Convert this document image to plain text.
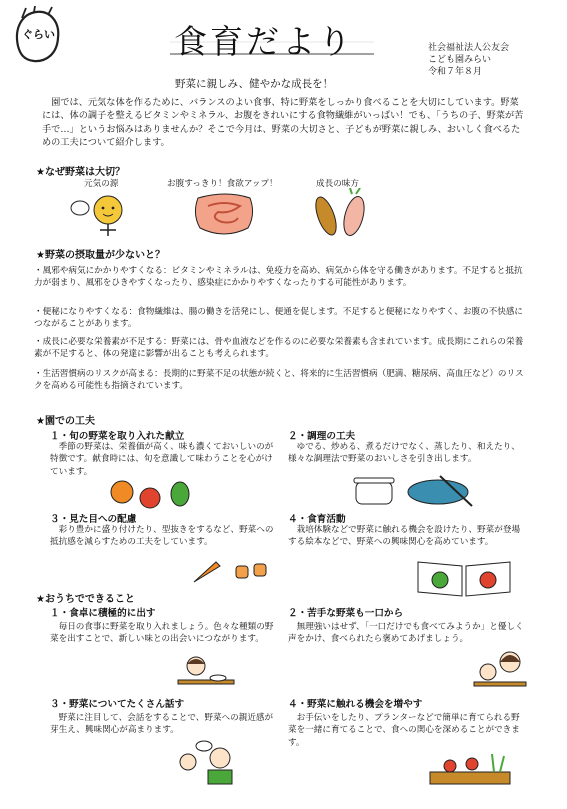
ぐらい	食育だより	社会福祉法人公友会
こども園みらい
令和７年８月
野菜に親しみ、健やかな成長を！
　園では、元気な体を作るために、バランスのよい食事、特に野菜をしっかり食べることを大切にしています。野菜には、体の調子を整えるビタミンやミネラル、お腹をきれいにする食物繊維がいっぱい！でも、「うちの子、野菜が苦手で…」というお悩みはありませんか？そこで今月は、野菜の大切さと、子どもが野菜に親しみ、おいしく食べるための工夫について紹介します。
★なぜ野菜は大切？
元気の源	お腹すっきり！食欲アップ！	成長の味方
★野菜の摂取量が少ないと？
・風邪や病気にかかりやすくなる：ビタミンやミネラルは、免疫力を高め、病気から体を守る働きがあります。不足すると抵抗力が弱まり、風邪をひきやすくなったり、感染症にかかりやすくなったりする可能性があります。
・便秘になりやすくなる：食物繊維は、腸の働きを活発にし、便通を促します。不足すると便秘になりやすく、お腹の不快感につながることがあります。
・成長に必要な栄養素が不足する：野菜には、骨や血液などを作るのに必要な栄養素も含まれています。成長期にこれらの栄養素が不足すると、体の発達に影響が出ることも考えられます。
・生活習慣病のリスクが高まる：長期的に野菜不足の状態が続くと、将来的に生活習慣病（肥満、糖尿病、高血圧など）のリスクを高める可能性も指摘されています。
★園での工夫
１・旬の野菜を取り入れた献立
　季節の野菜は、栄養価が高く、味も濃くておいしいのが特徴です。献食時には、旬を意識して味わうことを心がけています。
２・調理の工夫
　ゆでる、炒める、煮るだけでなく、蒸したり、和えたり、様々な調理法で野菜のおいしさを引き出します。
３・見た目への配慮
　彩り豊かに盛り付けたり、型抜きをするなど、野菜への抵抗感を減らすための工夫をしています。
４・食育活動
　栽培体験などで野菜に触れる機会を設けたり、野菜が登場する絵本などで、野菜への興味関心を高めています。
★おうちでできること
１・食卓に積極的に出す
　毎日の食事に野菜を取り入れましょう。色々な種類の野菜を出すことで、新しい味との出会いにつながります。
２・苦手な野菜も一口から
　無理強いはせず、「一口だけでも食べてみようか」と優しく声をかけ、食べられたら褒めてあげましょう。
３・野菜についてたくさん話す
　野菜に注目して、会話をすることで、野菜への親近感が芽生え、興味関心が高まります。
４・野菜に触れる機会を増やす
　お手伝いをしたり、プランターなどで簡単に育てられる野菜を一緒に育てることで、食への関心を深めることができます。
